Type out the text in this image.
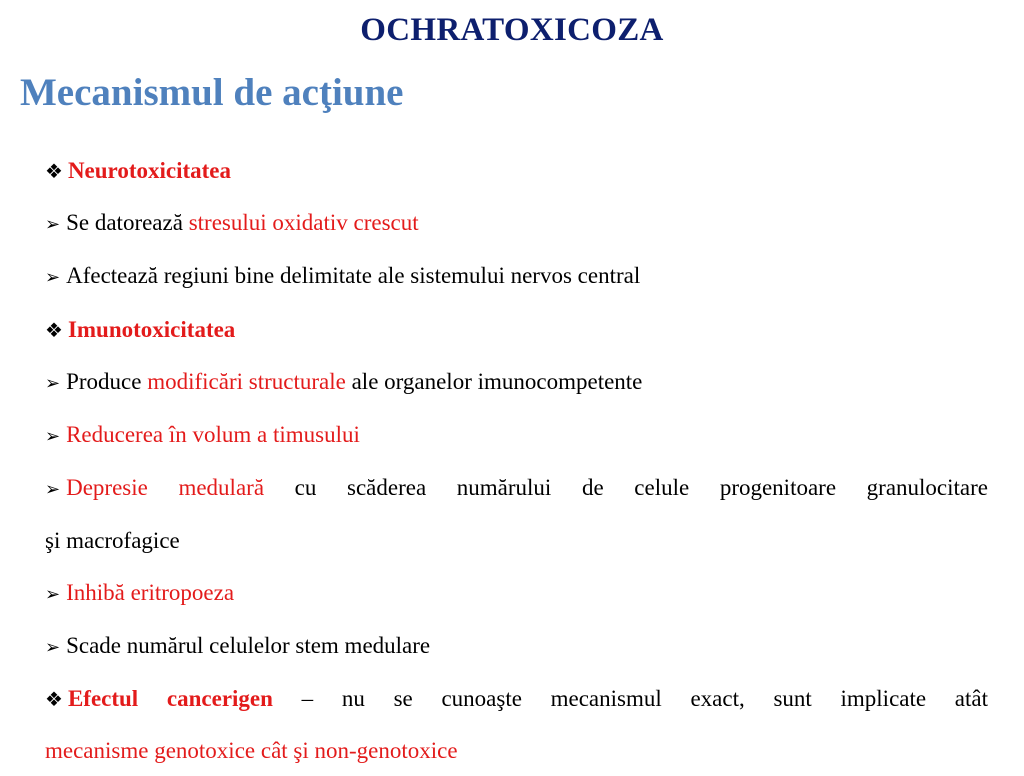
OCHRATOXICOZA
Mecanismul de acţiune
❖ Neurotoxicitatea
➢ Se datorează stresului oxidativ crescut
➢ Afectează regiuni bine delimitate ale sistemului nervos central
❖ Imunotoxicitatea
➢ Produce modificări structurale ale organelor imunocompetente
➢ Reducerea în volum a timusului
➢ Depresie medulară cu scăderea numărului de celule progenitoare granulocitare
şi macrofagice
➢ Inhibă eritropoeza
➢ Scade numărul celulelor stem medulare
❖ Efectul cancerigen – nu se cunoaşte mecanismul exact, sunt implicate atât
mecanisme genotoxice cât şi non-genotoxice
